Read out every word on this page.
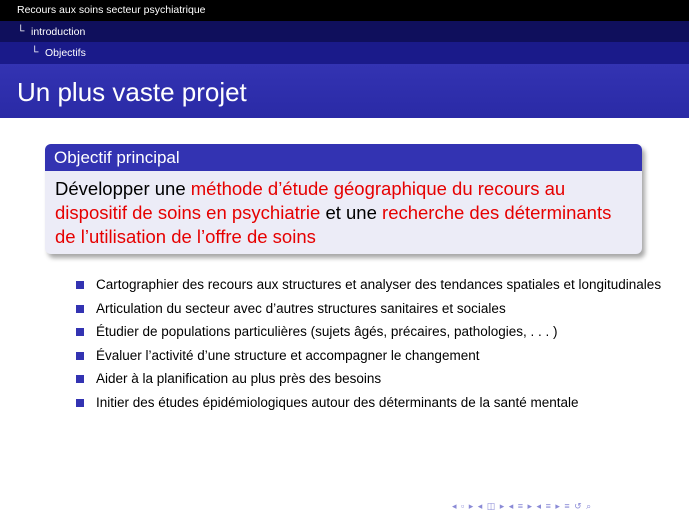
Recours aux soins secteur psychiatrique
└ introduction
└ Objectifs
Un plus vaste projet
Objectif principal
Développer une méthode d’étude géographique du recours au dispositif de soins en psychiatrie et une recherche des déterminants de l’utilisation de l’offre de soins
Cartographier des recours aux structures et analyser des tendances spatiales et longitudinales
Articulation du secteur avec d’autres structures sanitaires et sociales
Étudier de populations particulières (sujets âgés, précaires, pathologies, . . . )
Évaluer l’activité d’une structure et accompagner le changement
Aider à la planification au plus près des besoins
Initier des études épidémiologiques autour des déterminants de la santé mentale
◂ ▫ ▸ ◂ ◫ ▸ ◂ ≡ ▸ ◂ ≡ ▸ ≡ ↺ ⌕
